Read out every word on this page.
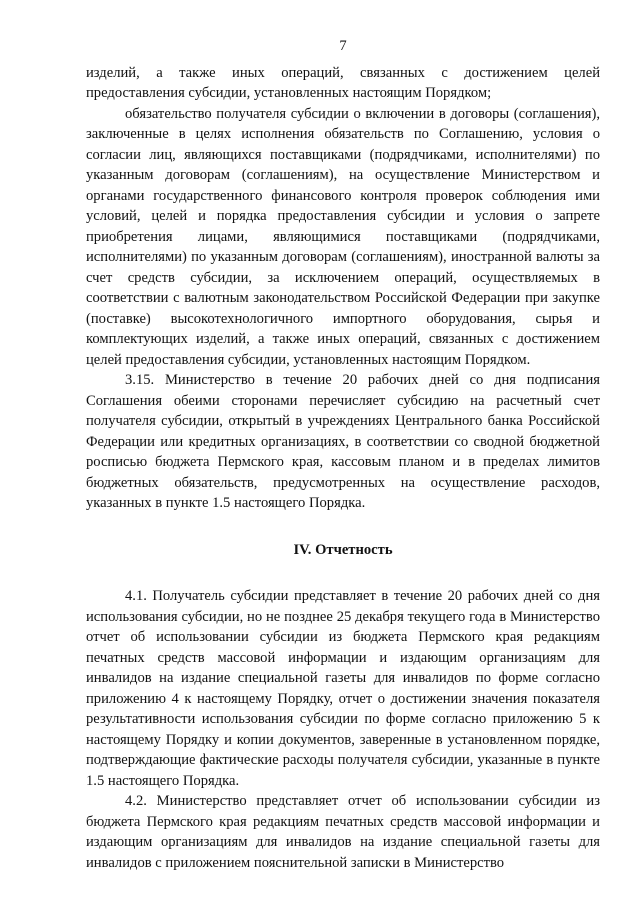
7

изделий, а также иных операций, связанных с достижением целей предоставления субсидии, установленных настоящим Порядком;

обязательство получателя субсидии о включении в договоры (соглашения), заключенные в целях исполнения обязательств по Соглашению, условия о согласии лиц, являющихся поставщиками (подрядчиками, исполнителями) по указанным договорам (соглашениям), на осуществление Министерством и органами государственного финансового контроля проверок соблюдения ими условий, целей и порядка предоставления субсидии и условия о запрете приобретения лицами, являющимися поставщиками (подрядчиками, исполнителями) по указанным договорам (соглашениям), иностранной валюты за счет средств субсидии, за исключением операций, осуществляемых в соответствии с валютным законодательством Российской Федерации при закупке (поставке) высокотехнологичного импортного оборудования, сырья и комплектующих изделий, а также иных операций, связанных с достижением целей предоставления субсидии, установленных настоящим Порядком.

3.15. Министерство в течение 20 рабочих дней со дня подписания Соглашения обеими сторонами перечисляет субсидию на расчетный счет получателя субсидии, открытый в учреждениях Центрального банка Российской Федерации или кредитных организациях, в соответствии со сводной бюджетной росписью бюджета Пермского края, кассовым планом и в пределах лимитов бюджетных обязательств, предусмотренных на осуществление расходов, указанных в пункте 1.5 настоящего Порядка.

IV. Отчетность

4.1. Получатель субсидии представляет в течение 20 рабочих дней со дня использования субсидии, но не позднее 25 декабря текущего года в Министерство отчет об использовании субсидии из бюджета Пермского края редакциям печатных средств массовой информации и издающим организациям для инвалидов на издание специальной газеты для инвалидов по форме согласно приложению 4 к настоящему Порядку, отчет о достижении значения показателя результативности использования субсидии по форме согласно приложению 5 к настоящему Порядку и копии документов, заверенные в установленном порядке, подтверждающие фактические расходы получателя субсидии, указанные в пункте 1.5 настоящего Порядка.

4.2. Министерство представляет отчет об использовании субсидии из бюджета Пермского края редакциям печатных средств массовой информации и издающим организациям для инвалидов на издание специальной газеты для инвалидов с приложением пояснительной записки в Министерство
